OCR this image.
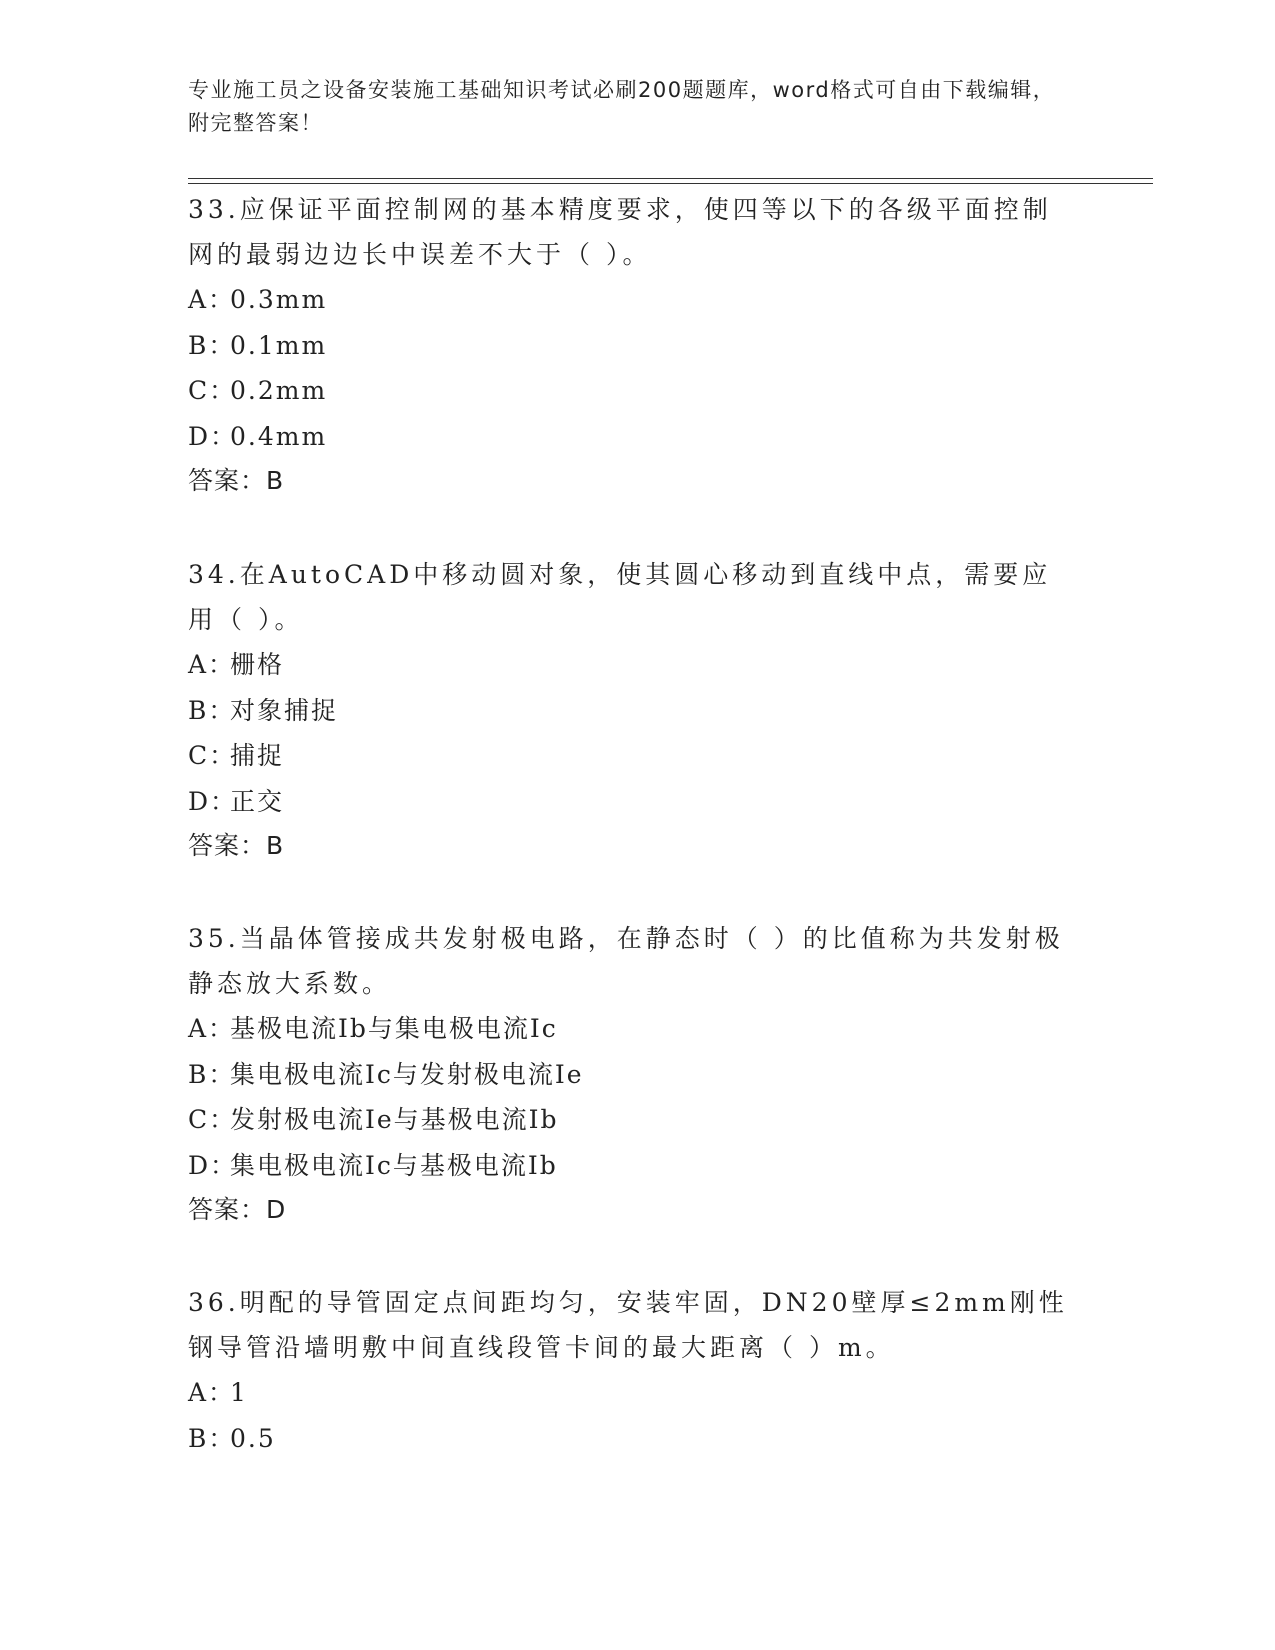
专业施工员之设备安装施工基础知识考试必刷200题题库，word格式可自由下载编辑，附完整答案！

33.应保证平面控制网的基本精度要求，使四等以下的各级平面控制网的最弱边边长中误差不大于（ ）。

A：0.3mm
B：0.1mm
C：0.2mm
D：0.4mm
答案：B

34.在AutoCAD中移动圆对象，使其圆心移动到直线中点，需要应用（ ）。

A：栅格
B：对象捕捉
C：捕捉
D：正交
答案：B

35.当晶体管接成共发射极电路，在静态时（ ）的比值称为共发射极静态放大系数。

A：基极电流Ib与集电极电流Ic
B：集电极电流Ic与发射极电流Ie
C：发射极电流Ie与基极电流Ib
D：集电极电流Ic与基极电流Ib
答案：D

36.明配的导管固定点间距均匀，安装牢固，DN20壁厚≤2mm刚性钢导管沿墙明敷中间直线段管卡间的最大距离（ ）m。

A：1
B：0.5
